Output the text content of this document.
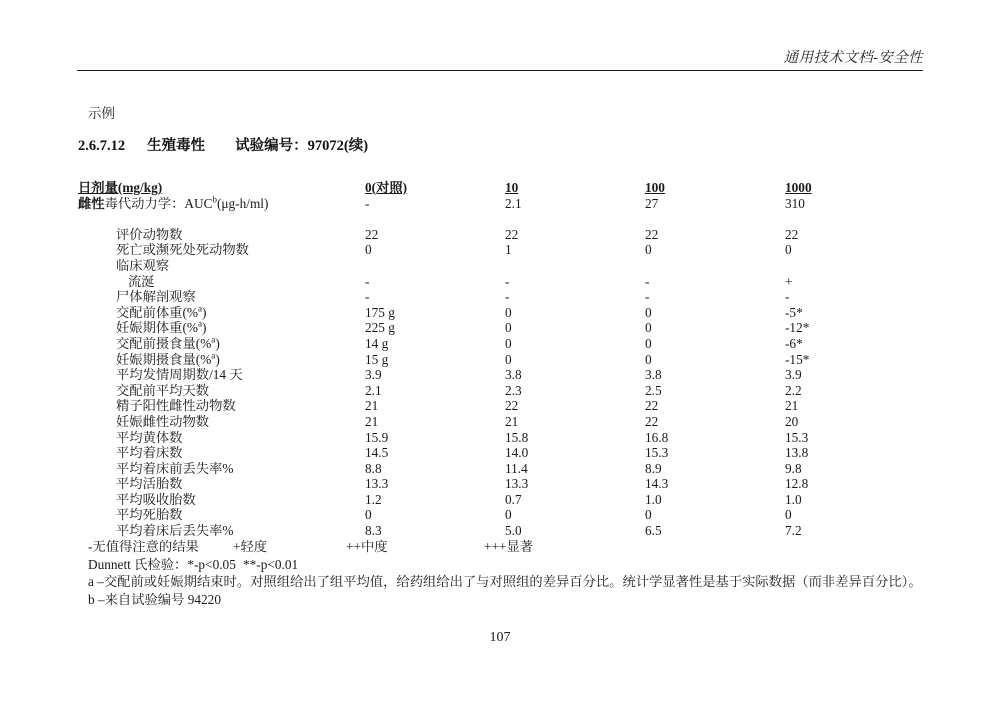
通用技术文档-安全性
示例
2.6.7.12 生殖毒性 试验编号：97072(续)
日剂量(mg/kg)	0(对照)	10	100	1000
雌性毒代动力学：AUC$^b$(μg-h/ml)	-	2.1	27	310
评价动物数	22	22	22	22
死亡或濒死处死动物数	0	1	0	0
临床观察
流涎	-	-	-	+
尸体解剖观察	-	-	-	-
交配前体重(%$^a$)	175 g	0	0	-5*
妊娠期体重(%$^a$)	225 g	0	0	-12*
交配前摄食量(%$^a$)	14 g	0	0	-6*
妊娠期摄食量(%$^a$)	15 g	0	0	-15*
平均发情周期数/14 天	3.9	3.8	3.8	3.9
交配前平均天数	2.1	2.3	2.5	2.2
精子阳性雌性动物数	21	22	22	21
妊娠雌性动物数	21	21	22	20
平均黄体数	15.9	15.8	16.8	15.3
平均着床数	14.5	14.0	15.3	13.8
平均着床前丢失率%	8.8	11.4	8.9	9.8
平均活胎数	13.3	13.3	14.3	12.8
平均吸收胎数	1.2	0.7	1.0	1.0
平均死胎数	0	0	0	0
平均着床后丢失率%	8.3	5.0	6.5	7.2
-无值得注意的结果	+轻度	++中度	+++显著
Dunnett 氏检验：*-p<0.05 **-p<0.01
a –交配前或妊娠期结束时。对照组给出了组平均值，给药组给出了与对照组的差异百分比。统计学显著性是基于实际数据（而非差异百分比）。
b –来自试验编号 94220
107
